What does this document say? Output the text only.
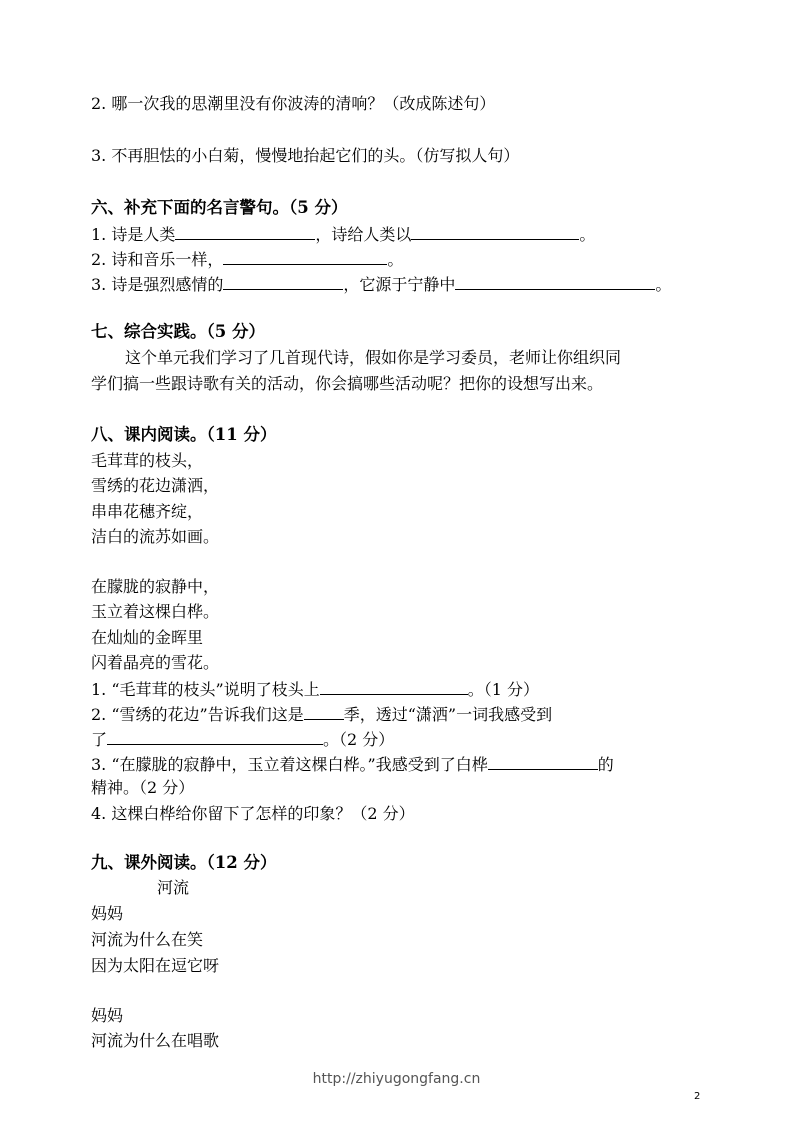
2. 哪一次我的思潮里没有你波涛的清响？（改成陈述句）
3. 不再胆怯的小白菊，慢慢地抬起它们的头。（仿写拟人句）
六、补充下面的名言警句。（5 分）
1. 诗是人类	，诗给人类以	。
2. 诗和音乐一样，	。
3. 诗是强烈感情的	，它源于宁静中	。
七、综合实践。（5 分）
这个单元我们学习了几首现代诗，假如你是学习委员，老师让你组织同
学们搞一些跟诗歌有关的活动，你会搞哪些活动呢？把你的设想写出来。
八、课内阅读。（11 分）
毛茸茸的枝头，
雪绣的花边潇洒，
串串花穗齐绽，
洁白的流苏如画。
在朦胧的寂静中，
玉立着这棵白桦。
在灿灿的金晖里
闪着晶亮的雪花。
1. “毛茸茸的枝头”说明了枝头上	。（1 分）
2. “雪绣的花边”告诉我们这是	季，透过“潇洒”一词我感受到
了	。（2 分）
3. “在朦胧的寂静中，玉立着这棵白桦。”我感受到了白桦	的
精神。（2 分）
4. 这棵白桦给你留下了怎样的印象？（2 分）
九、课外阅读。（12 分）
河流
妈妈
河流为什么在笑
因为太阳在逗它呀
妈妈
河流为什么在唱歌
http://zhiyugongfang.cn
2
